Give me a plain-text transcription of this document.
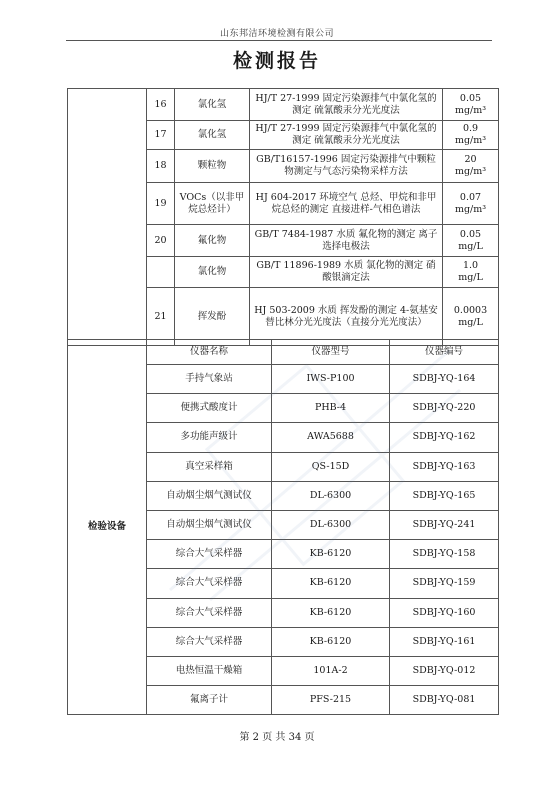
山东邦洁环境检测有限公司
检测报告
	16	氯化氢	HJ/T 27-1999 固定污染源排气中氯化氢的测定 硫氰酸汞分光光度法	0.05
mg/m³

	17	氯化氢	HJ/T 27-1999 固定污染源排气中氯化氢的测定 硫氰酸汞分光光度法	0.9
mg/m³

	18	颗粒物	GB/T16157-1996 固定污染源排气中颗粒物测定与气态污染物采样方法	20
mg/m³

	19	VOCs（以非甲烷总烃计）	HJ 604-2017 环境空气 总烃、甲烷和非甲烷总烃的测定 直接进样-气相色谱法	0.07
mg/m³

	20	氟化物	GB/T 7484-1987 水质 氟化物的测定 离子选择电极法	0.05
mg/L

		氯化物	GB/T 11896-1989 水质 氯化物的测定 硝酸银滴定法	1.0
mg/L

	21	挥发酚	HJ 503-2009 水质 挥发酚的测定 4-氨基安替比林分光光度法（直接分光光度法）	0.0003
mg/L
检验设备	仪器名称	仪器型号	仪器编号
	手持气象站	IWS-P100	SDBJ-YQ-164
	便携式酸度计	PHB-4	SDBJ-YQ-220
	多功能声级计	AWA5688	SDBJ-YQ-162
	真空采样箱	QS-15D	SDBJ-YQ-163
	自动烟尘烟气测试仪	DL-6300	SDBJ-YQ-165
	自动烟尘烟气测试仪	DL-6300	SDBJ-YQ-241
	综合大气采样器	KB-6120	SDBJ-YQ-158
	综合大气采样器	KB-6120	SDBJ-YQ-159
	综合大气采样器	KB-6120	SDBJ-YQ-160
	综合大气采样器	KB-6120	SDBJ-YQ-161
	电热恒温干燥箱	101A-2	SDBJ-YQ-012
	氟离子计	PFS-215	SDBJ-YQ-081
第 2 页 共 34 页
